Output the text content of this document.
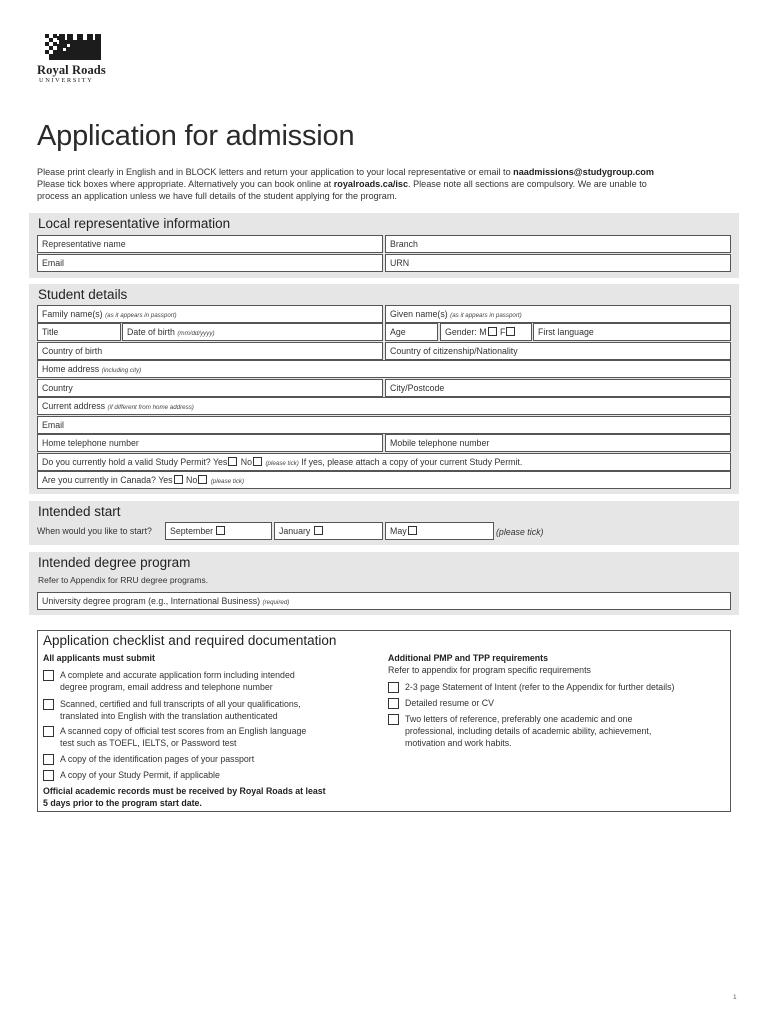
Royal Roads
UNIVERSITY
Application for admission
Please print clearly in English and in BLOCK letters and return your application to your local representative or email to naadmissions@studygroup.com
Please tick boxes where appropriate. Alternatively you can book online at royalroads.ca/isc. Please note all sections are compulsory. We are unable to
process an application unless we have full details of the student applying for the program.
Local representative information
Representative name	Branch
Email	URN
Student details
Family name(s) (as it appears in passport)	Given name(s) (as it appears in passport)
Title	Date of birth (mm/dd/yyyy)	Age	Gender: M F	First language
Country of birth	Country of citizenship/Nationality
Home address (including city)
Country	City/Postcode
Current address (if different from home address)
Email
Home telephone number	Mobile telephone number
Do you currently hold a valid Study Permit? Yes No (please tick) If yes, please attach a copy of your current Study Permit.
Are you currently in Canada? Yes No (please tick)
Intended start
When would you like to start?	September	January	May	(please tick)
Intended degree program
Refer to Appendix for RRU degree programs.
University degree program (e.g., International Business) (required)
Application checklist and required documentation
All applicants must submit
A complete and accurate application form including intended
degree program, email address and telephone number
Scanned, certified and full transcripts of all your qualifications,
translated into English with the translation authenticated
A scanned copy of official test scores from an English language
test such as TOEFL, IELTS, or Password test
A copy of the identification pages of your passport
A copy of your Study Permit, if applicable
Official academic records must be received by Royal Roads at least
5 days prior to the program start date.
Additional PMP and TPP requirements
Refer to appendix for program specific requirements
2-3 page Statement of Intent (refer to the Appendix for further details)
Detailed resume or CV
Two letters of reference, preferably one academic and one
professional, including details of academic ability, achievement,
motivation and work habits.
1
